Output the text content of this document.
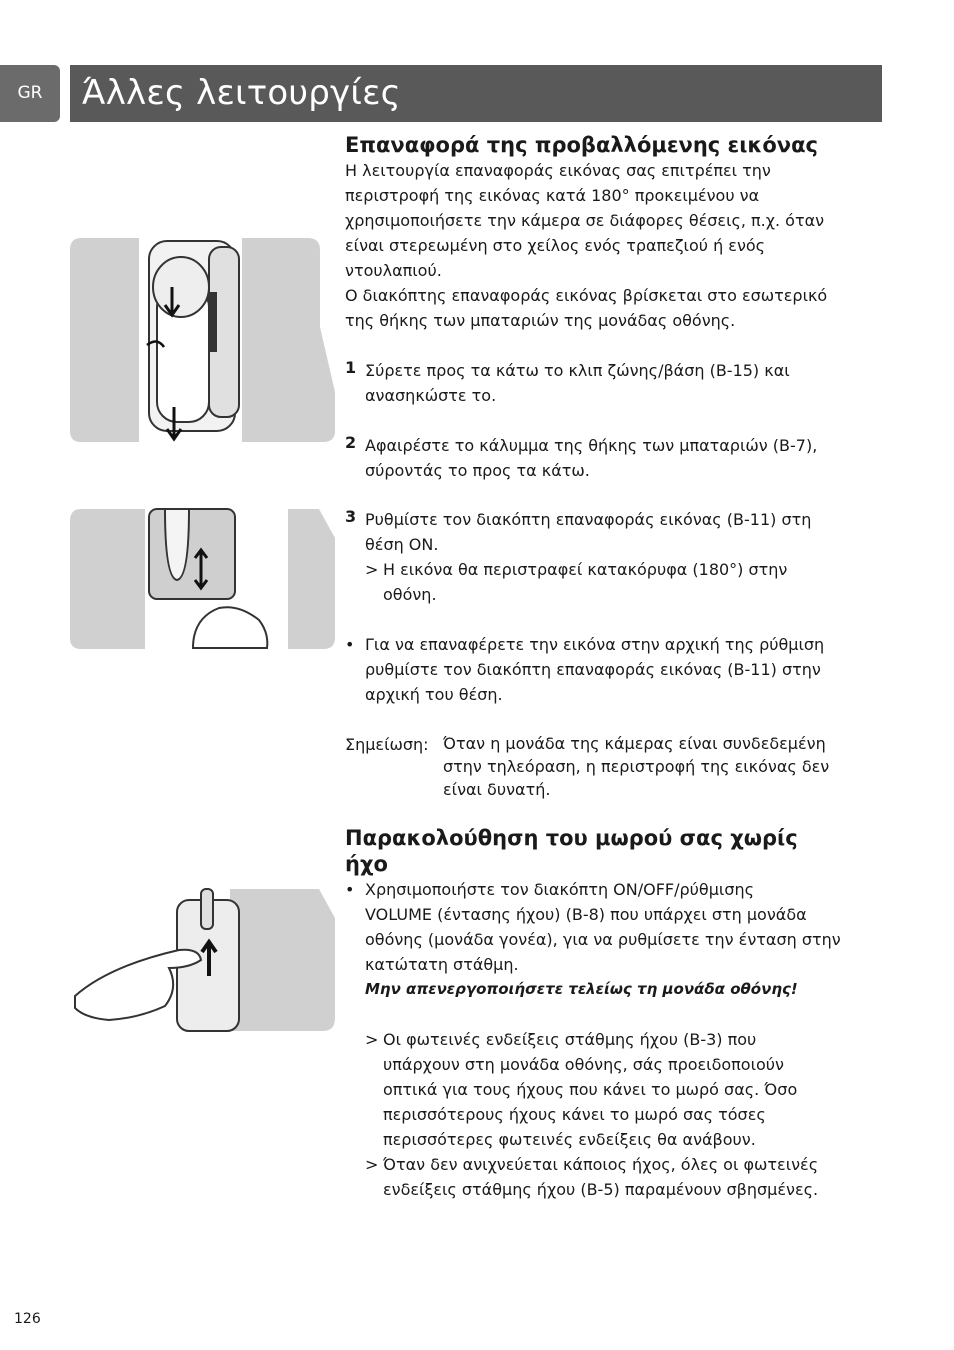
GR Άλλες λειτουργίες
Επαναφορά της προβαλλόμενης εικόνας

Η λειτουργία επαναφοράς εικόνας σας επιτρέπει την

περιστροφή της εικόνας κατά 180° προκειμένου να

χρησιμοποιήσετε την κάμερα σε διάφορες θέσεις, π.χ. όταν

είναι στερεωμένη στο χείλος ενός τραπεζιού ή ενός

ντουλαπιού.

Ο διακόπτης επαναφοράς εικόνας βρίσκεται στο εσωτερικό

της θήκης των μπαταριών της μονάδας οθόνης.

1 Σύρετε προς τα κάτω το κλιπ ζώνης/βάση (B-15) και

ανασηκώστε το.

2 Αφαιρέστε το κάλυμμα της θήκης των μπαταριών (B-7),

σύροντάς το προς τα κάτω.

3 Ρυθμίστε τον διακόπτη επαναφοράς εικόνας (B-11) στη

θέση ON.

> Η εικόνα θα περιστραφεί κατακόρυφα (180°) στην

οθόνη.

• Για να επαναφέρετε την εικόνα στην αρχική της ρύθμιση

ρυθμίστε τον διακόπτη επαναφοράς εικόνας (B-11) στην

αρχική του θέση.

Σημείωση: Όταν η μονάδα της κάμερας είναι συνδεδεμένη

στην τηλεόραση, η περιστροφή της εικόνας δεν

είναι δυνατή.

Παρακολούθηση του μωρού σας χωρίς
ήχο
• Χρησιμοποιήστε τον διακόπτη ON/OFF/ρύθμισης

VOLUME (έντασης ήχου) (B-8) που υπάρχει στη μονάδα

οθόνης (μονάδα γονέα), για να ρυθμίσετε την ένταση στην

κατώτατη στάθμη.

Μην απενεργοποιήσετε τελείως τη μονάδα οθόνης!

> Οι φωτεινές ενδείξεις στάθμης ήχου (B-3) που

υπάρχουν στη μονάδα οθόνης, σάς προειδοποιούν

οπτικά για τους ήχους που κάνει το μωρό σας. Όσο

περισσότερους ήχους κάνει το μωρό σας τόσες

περισσότερες φωτεινές ενδείξεις θα ανάβουν.

> Όταν δεν ανιχνεύεται κάποιος ήχος, όλες οι φωτεινές

ενδείξεις στάθμης ήχου (B-5) παραμένουν σβησμένες.

126
